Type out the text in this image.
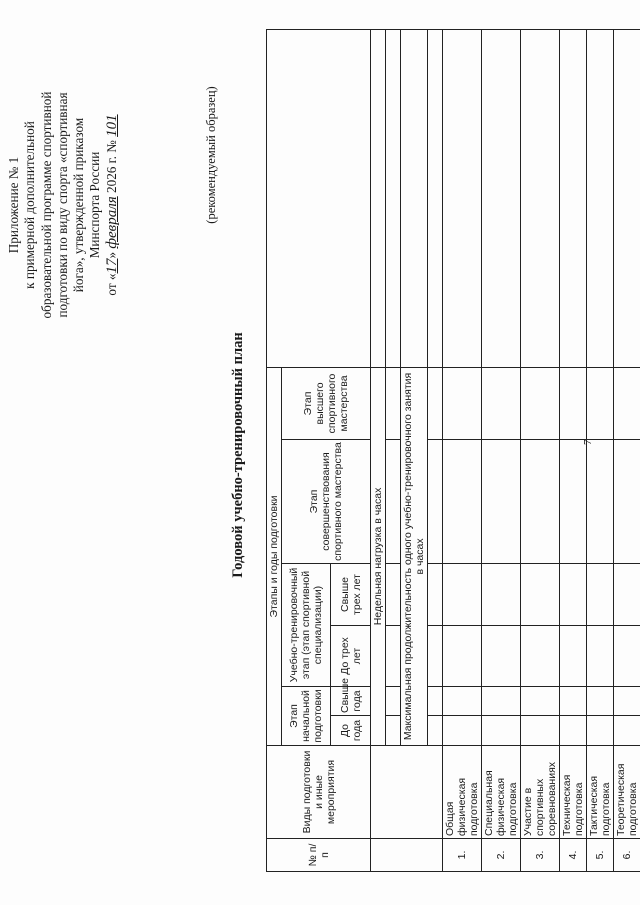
7
Приложение № 1 к примерной дополнительной образовательной программе спортивной подготовки по виду спорта «спортивная йога», утвержденной приказом Минспорта России
от «17» февраля 2026 г. № 101	(рекомендуемый образец)
Годовой учебно-тренировочный план
№ п/п	Виды подготовки и иные мероприятия	Этапы и годы подготовки						
		Этап начальной подготовки		Учебно-тренировочный этап (этап спортивной специализации)		Этап совершенствования спортивного мастерства	Этап высшего спортивного мастерства	
		До года	Свыше года	До трех лет	Свыше трех лет			
		Недельная нагрузка в часах						

		Максимальная продолжительность одного учебно-тренировочного занятия в часах						

1.	Общая физическая подготовка							
2.	Специальная физическая подготовка							
3.	Участие в спортивных соревнованиях							
4.	Техническая подготовка							
5.	Тактическая подготовка							
6.	Теоретическая подготовка							
